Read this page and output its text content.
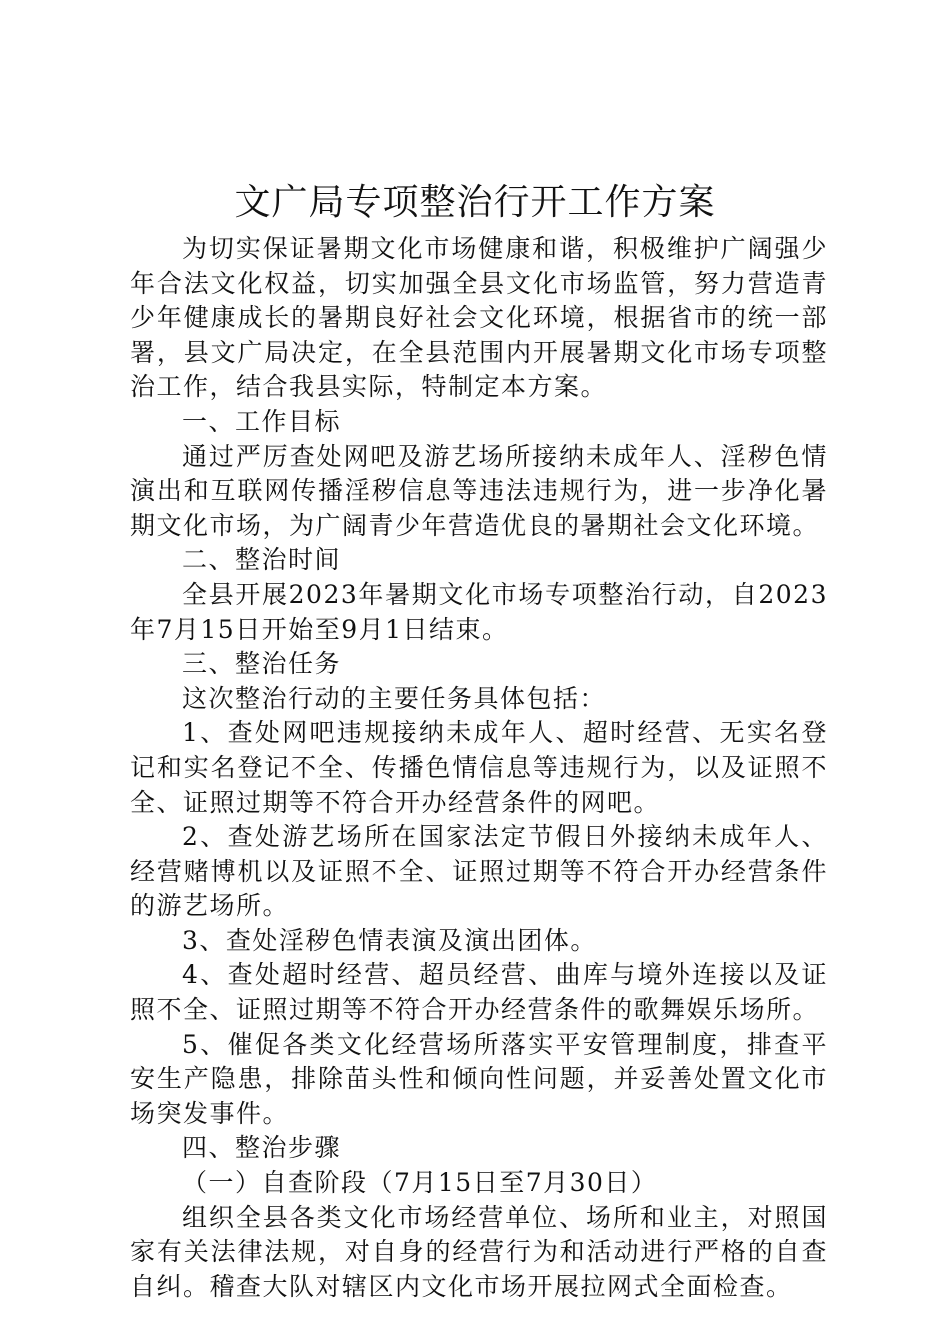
文广局专项整治行开工作方案

为切实保证暑期文化市场健康和谐，积极维护广阔强少年合法文化权益，切实加强全县文化市场监管，努力营造青少年健康成长的暑期良好社会文化环境，根据省市的统一部署，县文广局决定，在全县范围内开展暑期文化市场专项整治工作，结合我县实际，特制定本方案。

一、工作目标

通过严厉查处网吧及游艺场所接纳未成年人、淫秽色情演出和互联网传播淫秽信息等违法违规行为，进一步净化暑期文化市场，为广阔青少年营造优良的暑期社会文化环境。

二、整治时间

全县开展2023年暑期文化市场专项整治行动，自2023年7月15日开始至9月1日结束。

三、整治任务

这次整治行动的主要任务具体包括：

1、查处网吧违规接纳未成年人、超时经营、无实名登记和实名登记不全、传播色情信息等违规行为，以及证照不全、证照过期等不符合开办经营条件的网吧。

2、查处游艺场所在国家法定节假日外接纳未成年人、经营赌博机以及证照不全、证照过期等不符合开办经营条件的游艺场所。

3、查处淫秽色情表演及演出团体。

4、查处超时经营、超员经营、曲库与境外连接以及证照不全、证照过期等不符合开办经营条件的歌舞娱乐场所。

5、催促各类文化经营场所落实平安管理制度，排查平安生产隐患，排除苗头性和倾向性问题，并妥善处置文化市场突发事件。

四、整治步骤

（一）自查阶段（7月15日至7月30日）

组织全县各类文化市场经营单位、场所和业主，对照国家有关法律法规，对自身的经营行为和活动进行严格的自查自纠。稽查大队对辖区内文化市场开展拉网式全面检查。
